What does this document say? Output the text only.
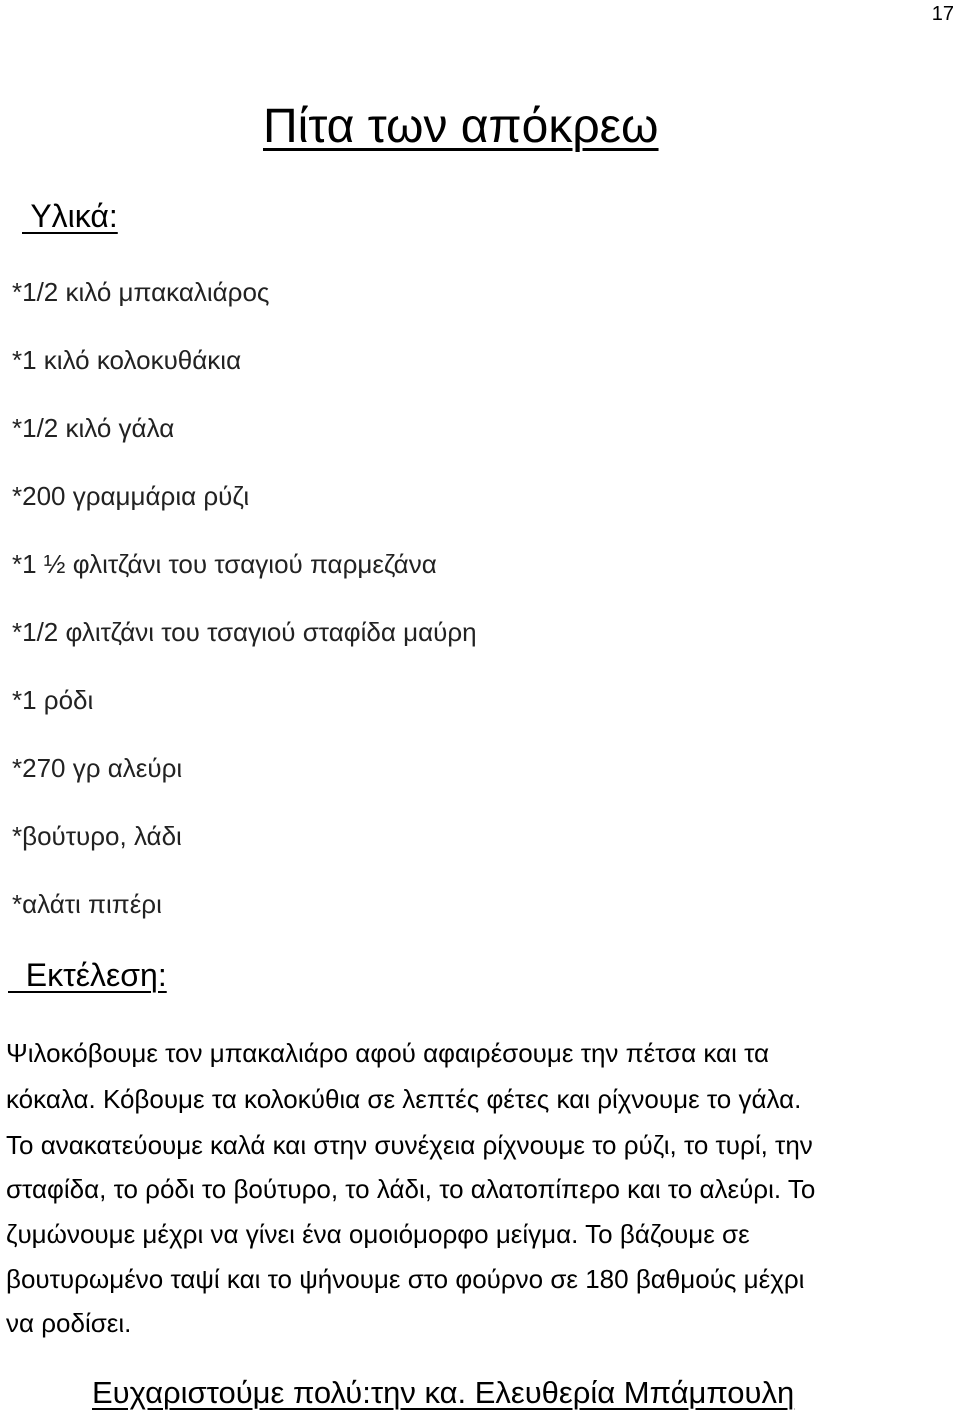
17
Πίτα των απόκρεω
Υλικά:
*1/2 κιλό μπακαλιάρος
*1 κιλό κολοκυθάκια
*1/2 κιλό γάλα
*200 γραμμάρια ρύζι
*1 ½ φλιτζάνι του τσαγιού παρμεζάνα
*1/2 φλιτζάνι του τσαγιού σταφίδα μαύρη
*1 ρόδι
*270 γρ αλεύρι
*βούτυρο, λάδι
*αλάτι πιπέρι
Εκτέλεση:
Ψιλοκόβουμε τον μπακαλιάρο αφού αφαιρέσουμε την πέτσα και τα
κόκαλα. Κόβουμε τα κολοκύθια σε λεπτές φέτες και ρίχνουμε το γάλα.
Το ανακατεύουμε καλά και στην συνέχεια ρίχνουμε το ρύζι, το τυρί, την
σταφίδα, το ρόδι το βούτυρο, το λάδι, το αλατοπίπερο και το αλεύρι. Το
ζυμώνουμε μέχρι να γίνει ένα ομοιόμορφο μείγμα. Το βάζουμε σε
βουτυρωμένο ταψί και το ψήνουμε στο φούρνο σε 180 βαθμούς μέχρι
να ροδίσει.
Ευχαριστούμε πολύ:την κα. Ελευθερία Μπάμπουλη
